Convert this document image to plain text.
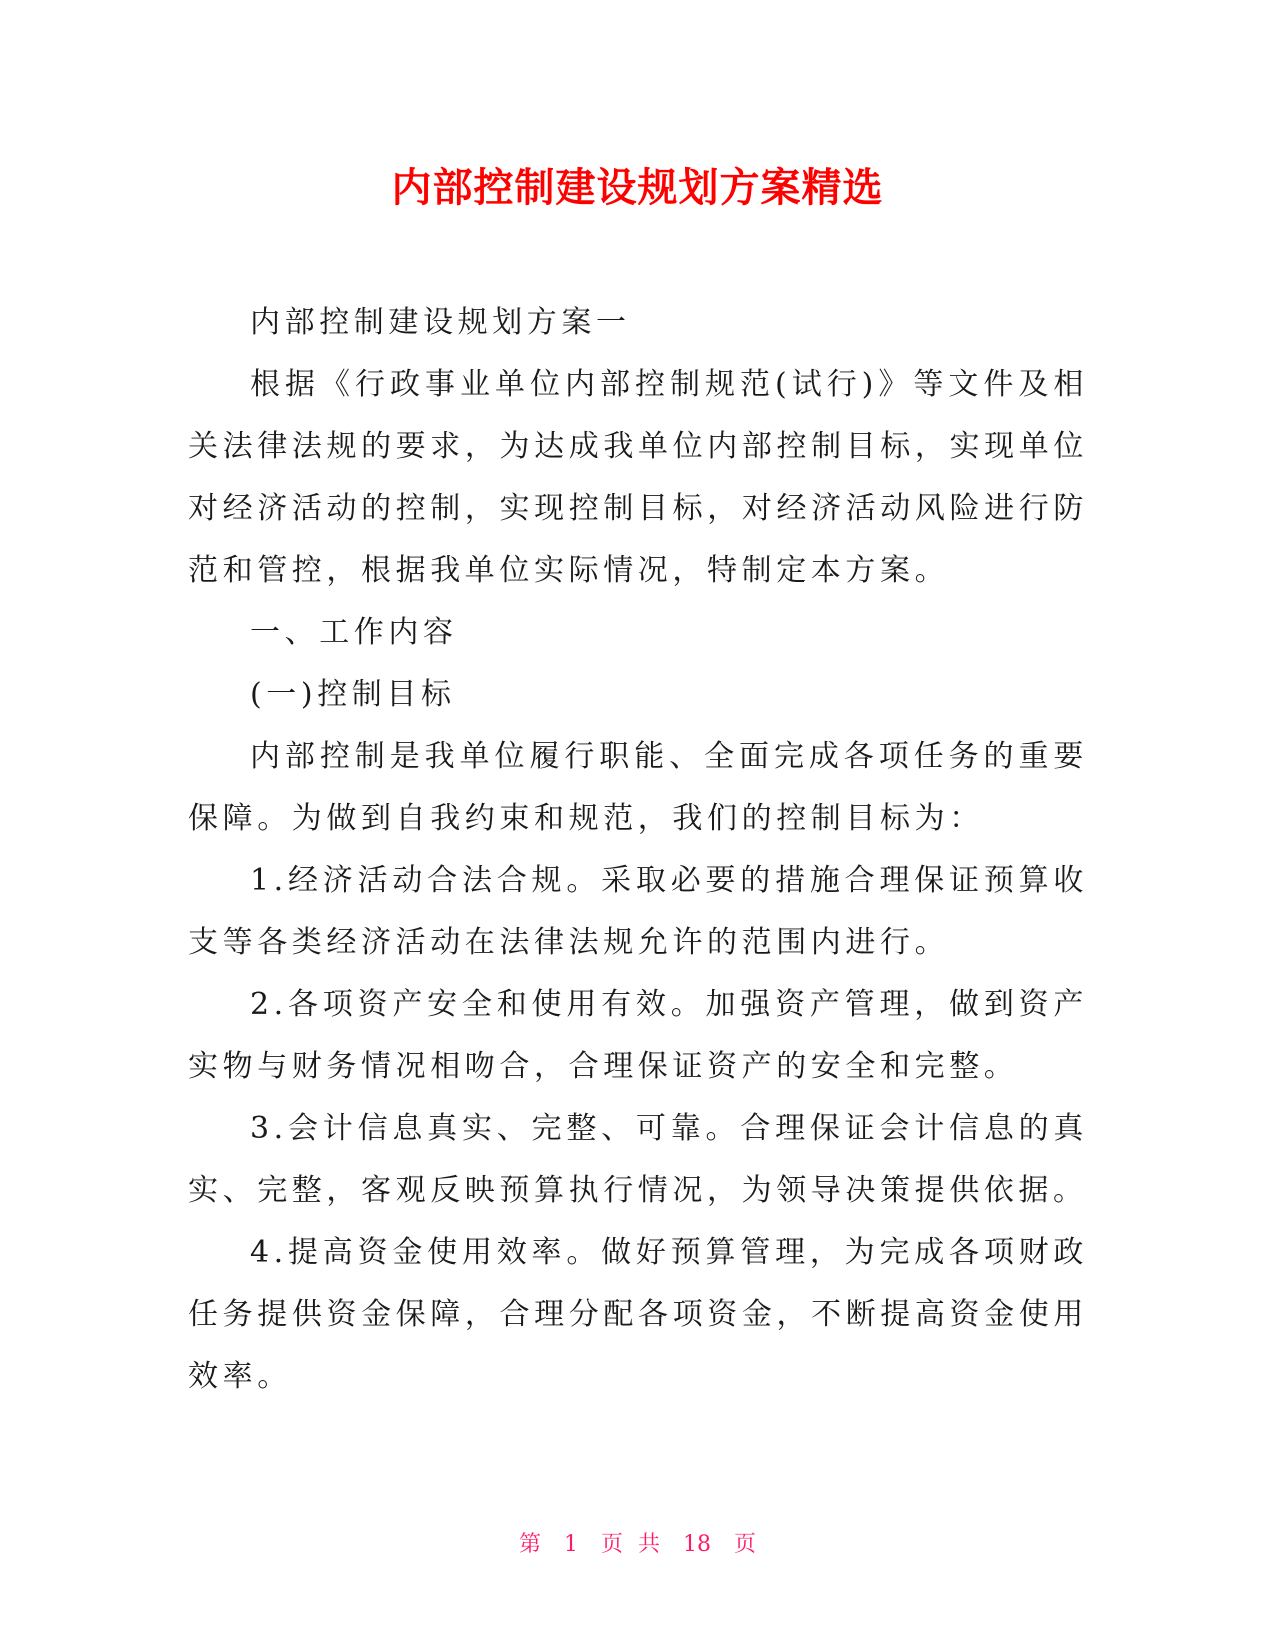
内部控制建设规划方案精选

内部控制建设规划方案一

根据《行政事业单位内部控制规范(试行)》等文件及相关法律法规的要求，为达成我单位内部控制目标，实现单位对经济活动的控制，实现控制目标，对经济活动风险进行防范和管控，根据我单位实际情况，特制定本方案。

一、工作内容

(一)控制目标

内部控制是我单位履行职能、全面完成各项任务的重要保障。为做到自我约束和规范，我们的控制目标为：

1.经济活动合法合规。采取必要的措施合理保证预算收支等各类经济活动在法律法规允许的范围内进行。

2.各项资产安全和使用有效。加强资产管理，做到资产实物与财务情况相吻合，合理保证资产的安全和完整。

3.会计信息真实、完整、可靠。合理保证会计信息的真实、完整，客观反映预算执行情况，为领导决策提供依据。

4.提高资金使用效率。做好预算管理，为完成各项财政任务提供资金保障，合理分配各项资金，不断提高资金使用效率。

第 1 页 共 18 页
